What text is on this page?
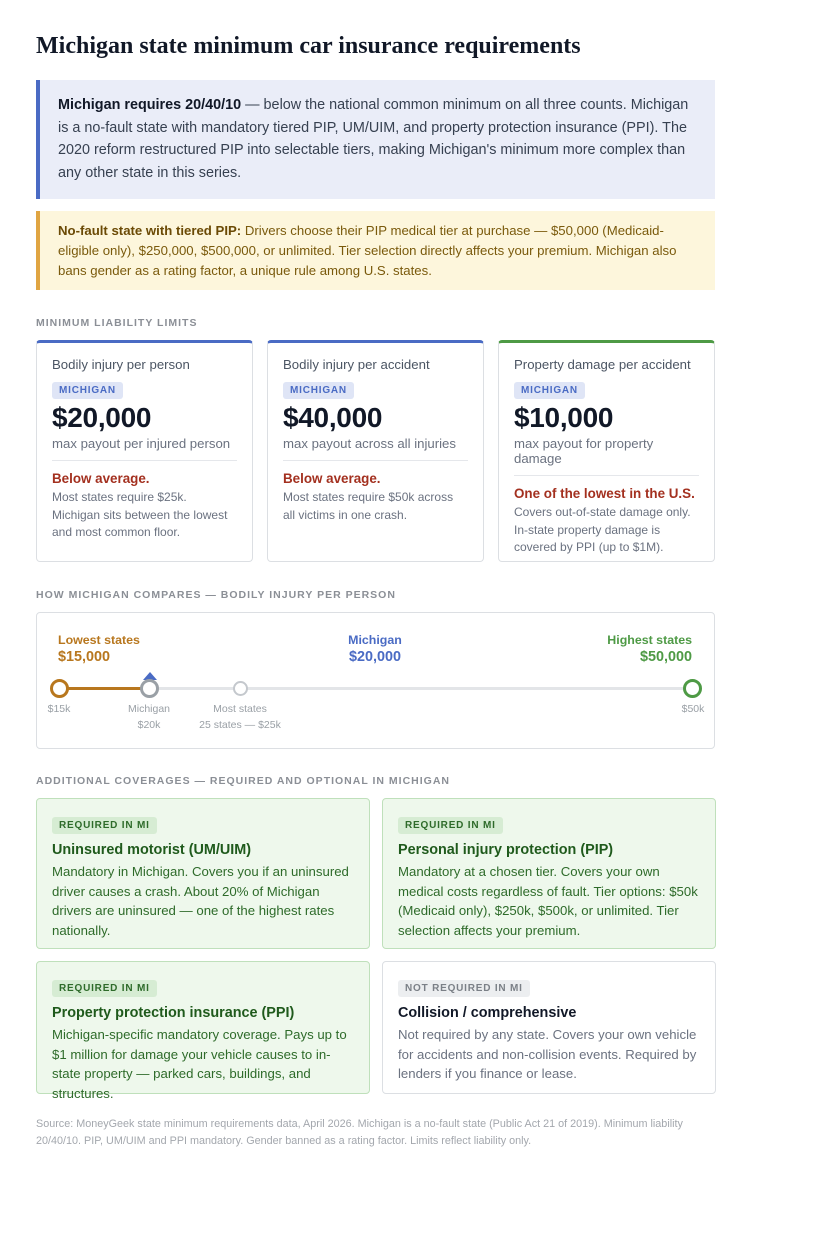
Michigan state minimum car insurance requirements
Michigan requires 20/40/10 — below the national common minimum on all three counts. Michigan is a no-fault state with mandatory tiered PIP, UM/UIM, and property protection insurance (PPI). The 2020 reform restructured PIP into selectable tiers, making Michigan's minimum more complex than any other state in this series.
No-fault state with tiered PIP: Drivers choose their PIP medical tier at purchase — $50,000 (Medicaid-eligible only), $250,000, $500,000, or unlimited. Tier selection directly affects your premium. Michigan also bans gender as a rating factor, a unique rule among U.S. states.
MINIMUM LIABILITY LIMITS
Bodily injury per person
MICHIGAN
$20,000
max payout per injured person
Below average.
Most states require $25k. Michigan sits between the lowest and most common floor.
Bodily injury per accident
MICHIGAN
$40,000
max payout across all injuries
Below average.
Most states require $50k across all victims in one crash.
Property damage per accident
MICHIGAN
$10,000
max payout for property damage
One of the lowest in the U.S.
Covers out-of-state damage only. In-state property damage is covered by PPI (up to $1M).
HOW MICHIGAN COMPARES — BODILY INJURY PER PERSON
Lowest states
$15,000
Michigan
$20,000
Highest states
$50,000
$15k	Michigan
$20k
Most states
25 states — $25k
$50k
ADDITIONAL COVERAGES — REQUIRED AND OPTIONAL IN MICHIGAN
REQUIRED IN MI
Uninsured motorist (UM/UIM)
Mandatory in Michigan. Covers you if an uninsured driver causes a crash. About 20% of Michigan drivers are uninsured — one of the highest rates nationally.
REQUIRED IN MI
Personal injury protection (PIP)
Mandatory at a chosen tier. Covers your own medical costs regardless of fault. Tier options: $50k (Medicaid only), $250k, $500k, or unlimited. Tier selection affects your premium.
REQUIRED IN MI
Property protection insurance (PPI)
Michigan-specific mandatory coverage. Pays up to $1 million for damage your vehicle causes to in-state property — parked cars, buildings, and structures.
NOT REQUIRED IN MI
Collision / comprehensive
Not required by any state. Covers your own vehicle for accidents and non-collision events. Required by lenders if you finance or lease.
Source: MoneyGeek state minimum requirements data, April 2026. Michigan is a no-fault state (Public Act 21 of 2019). Minimum liability 20/40/10. PIP, UM/UIM and PPI mandatory. Gender banned as a rating factor. Limits reflect liability only.
